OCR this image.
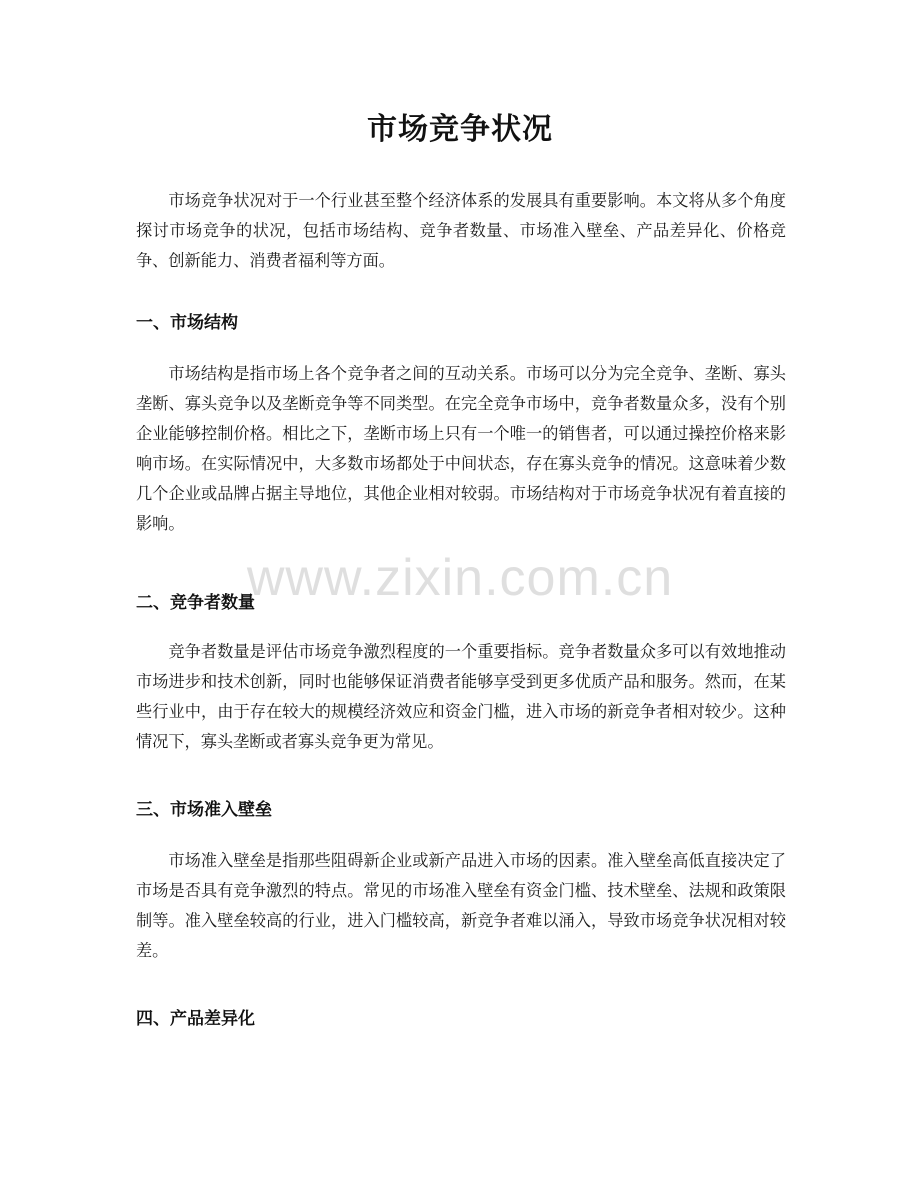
市场竞争状况

市场竞争状况对于一个行业甚至整个经济体系的发展具有重要影响。本文将从多个角度探讨市场竞争的状况，包括市场结构、竞争者数量、市场准入壁垒、产品差异化、价格竞争、创新能力、消费者福利等方面。

一、市场结构

市场结构是指市场上各个竞争者之间的互动关系。市场可以分为完全竞争、垄断、寡头垄断、寡头竞争以及垄断竞争等不同类型。在完全竞争市场中，竞争者数量众多，没有个别企业能够控制价格。相比之下，垄断市场上只有一个唯一的销售者，可以通过操控价格来影响市场。在实际情况中，大多数市场都处于中间状态，存在寡头竞争的情况。这意味着少数几个企业或品牌占据主导地位，其他企业相对较弱。市场结构对于市场竞争状况有着直接的影响。

二、竞争者数量

竞争者数量是评估市场竞争激烈程度的一个重要指标。竞争者数量众多可以有效地推动市场进步和技术创新，同时也能够保证消费者能够享受到更多优质产品和服务。然而，在某些行业中，由于存在较大的规模经济效应和资金门槛，进入市场的新竞争者相对较少。这种情况下，寡头垄断或者寡头竞争更为常见。

三、市场准入壁垒

市场准入壁垒是指那些阻碍新企业或新产品进入市场的因素。准入壁垒高低直接决定了市场是否具有竞争激烈的特点。常见的市场准入壁垒有资金门槛、技术壁垒、法规和政策限制等。准入壁垒较高的行业，进入门槛较高，新竞争者难以涌入，导致市场竞争状况相对较差。

四、产品差异化
www.zixin.com.cn
